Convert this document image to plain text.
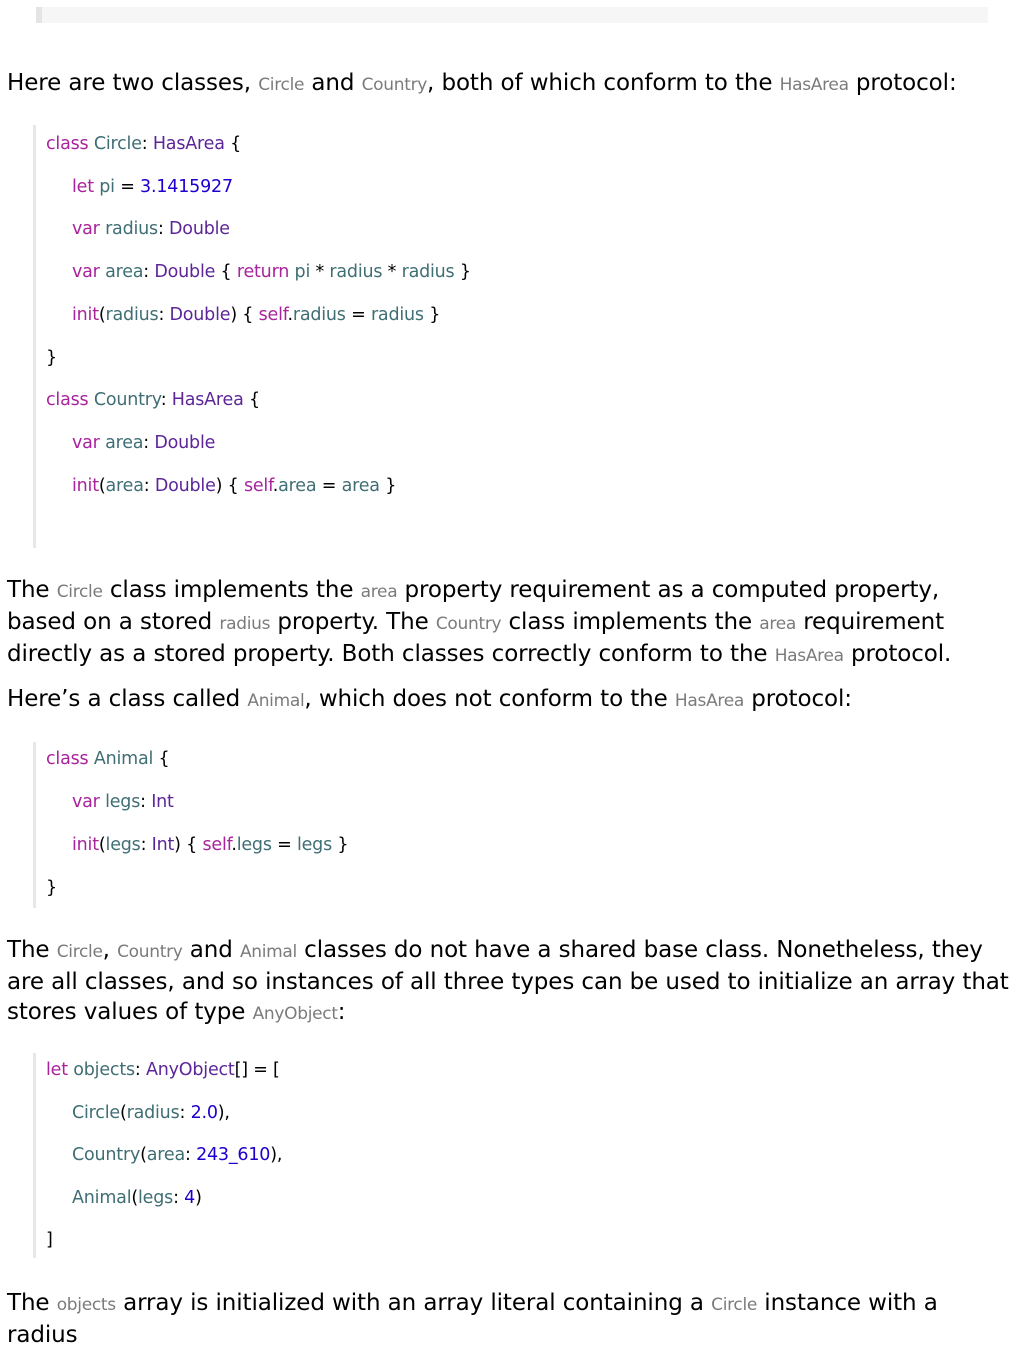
Here are two classes, Circle and Country, both of which conform to the HasArea protocol:

class Circle: HasArea {
let pi = 3.1415927
var radius: Double
var area: Double { return pi * radius * radius }
init(radius: Double) { self.radius = radius }
}
class Country: HasArea {
var area: Double
init(area: Double) { self.area = area }

The Circle class implements the area property requirement as a computed property, based on a stored radius property. The Country class implements the area requirement directly as a stored property. Both classes correctly conform to the HasArea protocol.

Here’s a class called Animal, which does not conform to the HasArea protocol:

class Animal {
var legs: Int
init(legs: Int) { self.legs = legs }
}

The Circle, Country and Animal classes do not have a shared base class. Nonetheless, they are all classes, and so instances of all three types can be used to initialize an array that stores values of type AnyObject:

let objects: AnyObject[] = [
Circle(radius: 2.0),
Country(area: 243_610),
Animal(legs: 4)
]

The objects array is initialized with an array literal containing a Circle instance with a radius
